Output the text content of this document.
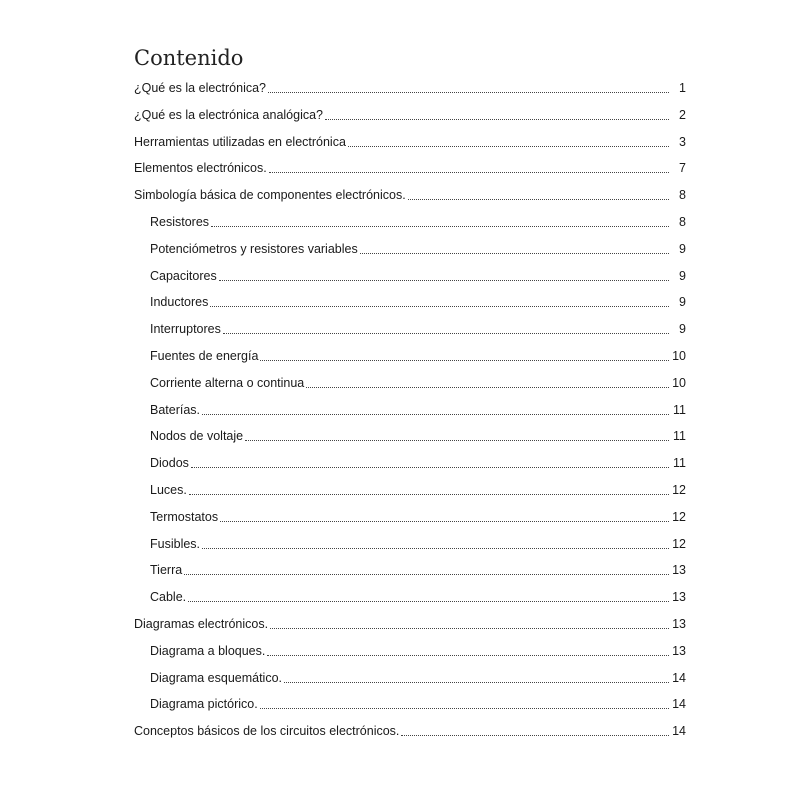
Contenido
¿Qué es la electrónica?	1
¿Qué es la electrónica analógica?	2
Herramientas utilizadas en electrónica	3
Elementos electrónicos.	7
Simbología básica de componentes electrónicos.	8
Resistores	8
Potenciómetros y resistores variables	9
Capacitores	9
Inductores	9
Interruptores	9
Fuentes de energía	10
Corriente alterna o continua	10
Baterías.	11
Nodos de voltaje	11
Diodos	11
Luces.	12
Termostatos	12
Fusibles.	12
Tierra	13
Cable.	13
Diagramas electrónicos.	13
Diagrama a bloques.	13
Diagrama esquemático.	14
Diagrama pictórico.	14
Conceptos básicos de los circuitos electrónicos.	14
